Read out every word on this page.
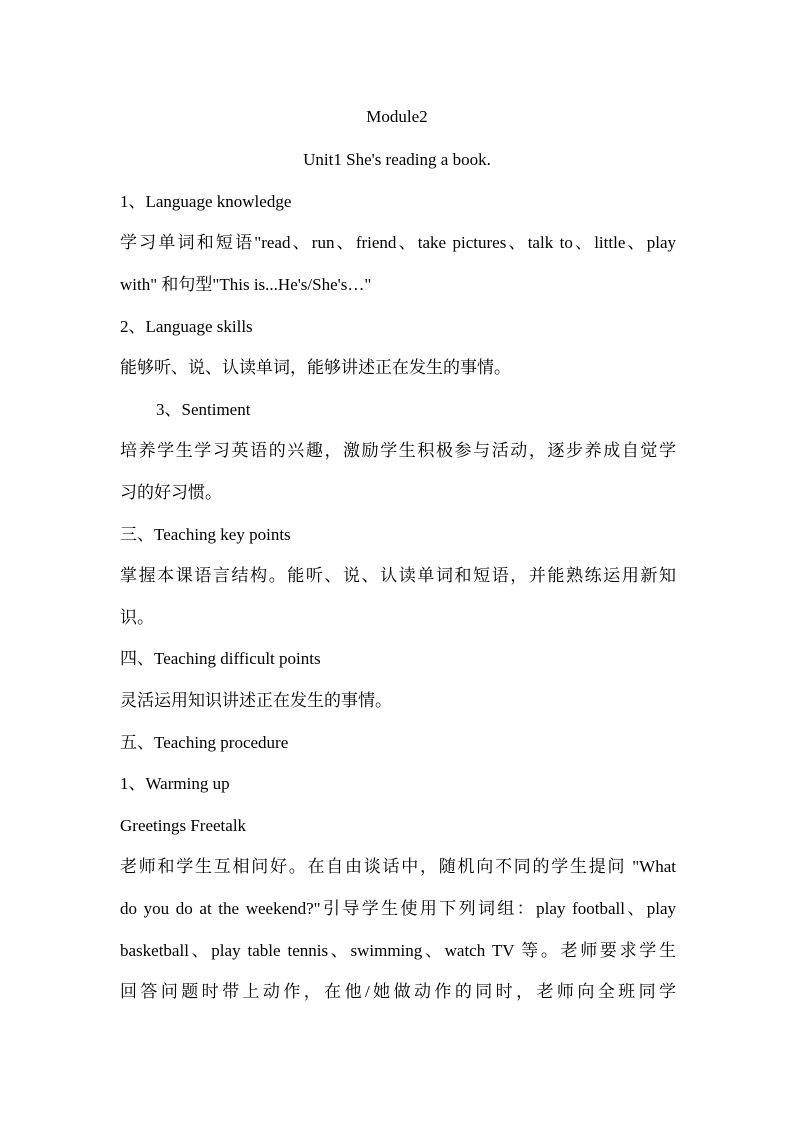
Module2
Unit1 She's reading a book.
1、Language knowledge
学习单词和短语"read、run、friend、take pictures、talk to、little、play
with" 和句型"This is...He's/She's…"
2、Language skills
能够听、说、认读单词，能够讲述正在发生的事情。
3、Sentiment
培养学生学习英语的兴趣，激励学生积极参与活动，逐步养成自觉学
习的好习惯。
三、Teaching key points
掌握本课语言结构。能听、说、认读单词和短语，并能熟练运用新知
识。
四、Teaching difficult points
灵活运用知识讲述正在发生的事情。
五、Teaching procedure
1、Warming up
Greetings Freetalk
老师和学生互相问好。在自由谈话中，随机向不同的学生提问 "What
do you do at the weekend?"引导学生使用下列词组：play football、play
basketball、play table tennis、swimming、watch TV 等。老师要求学生
回答问题时带上动作，在他/她做动作的同时，老师向全班同学
